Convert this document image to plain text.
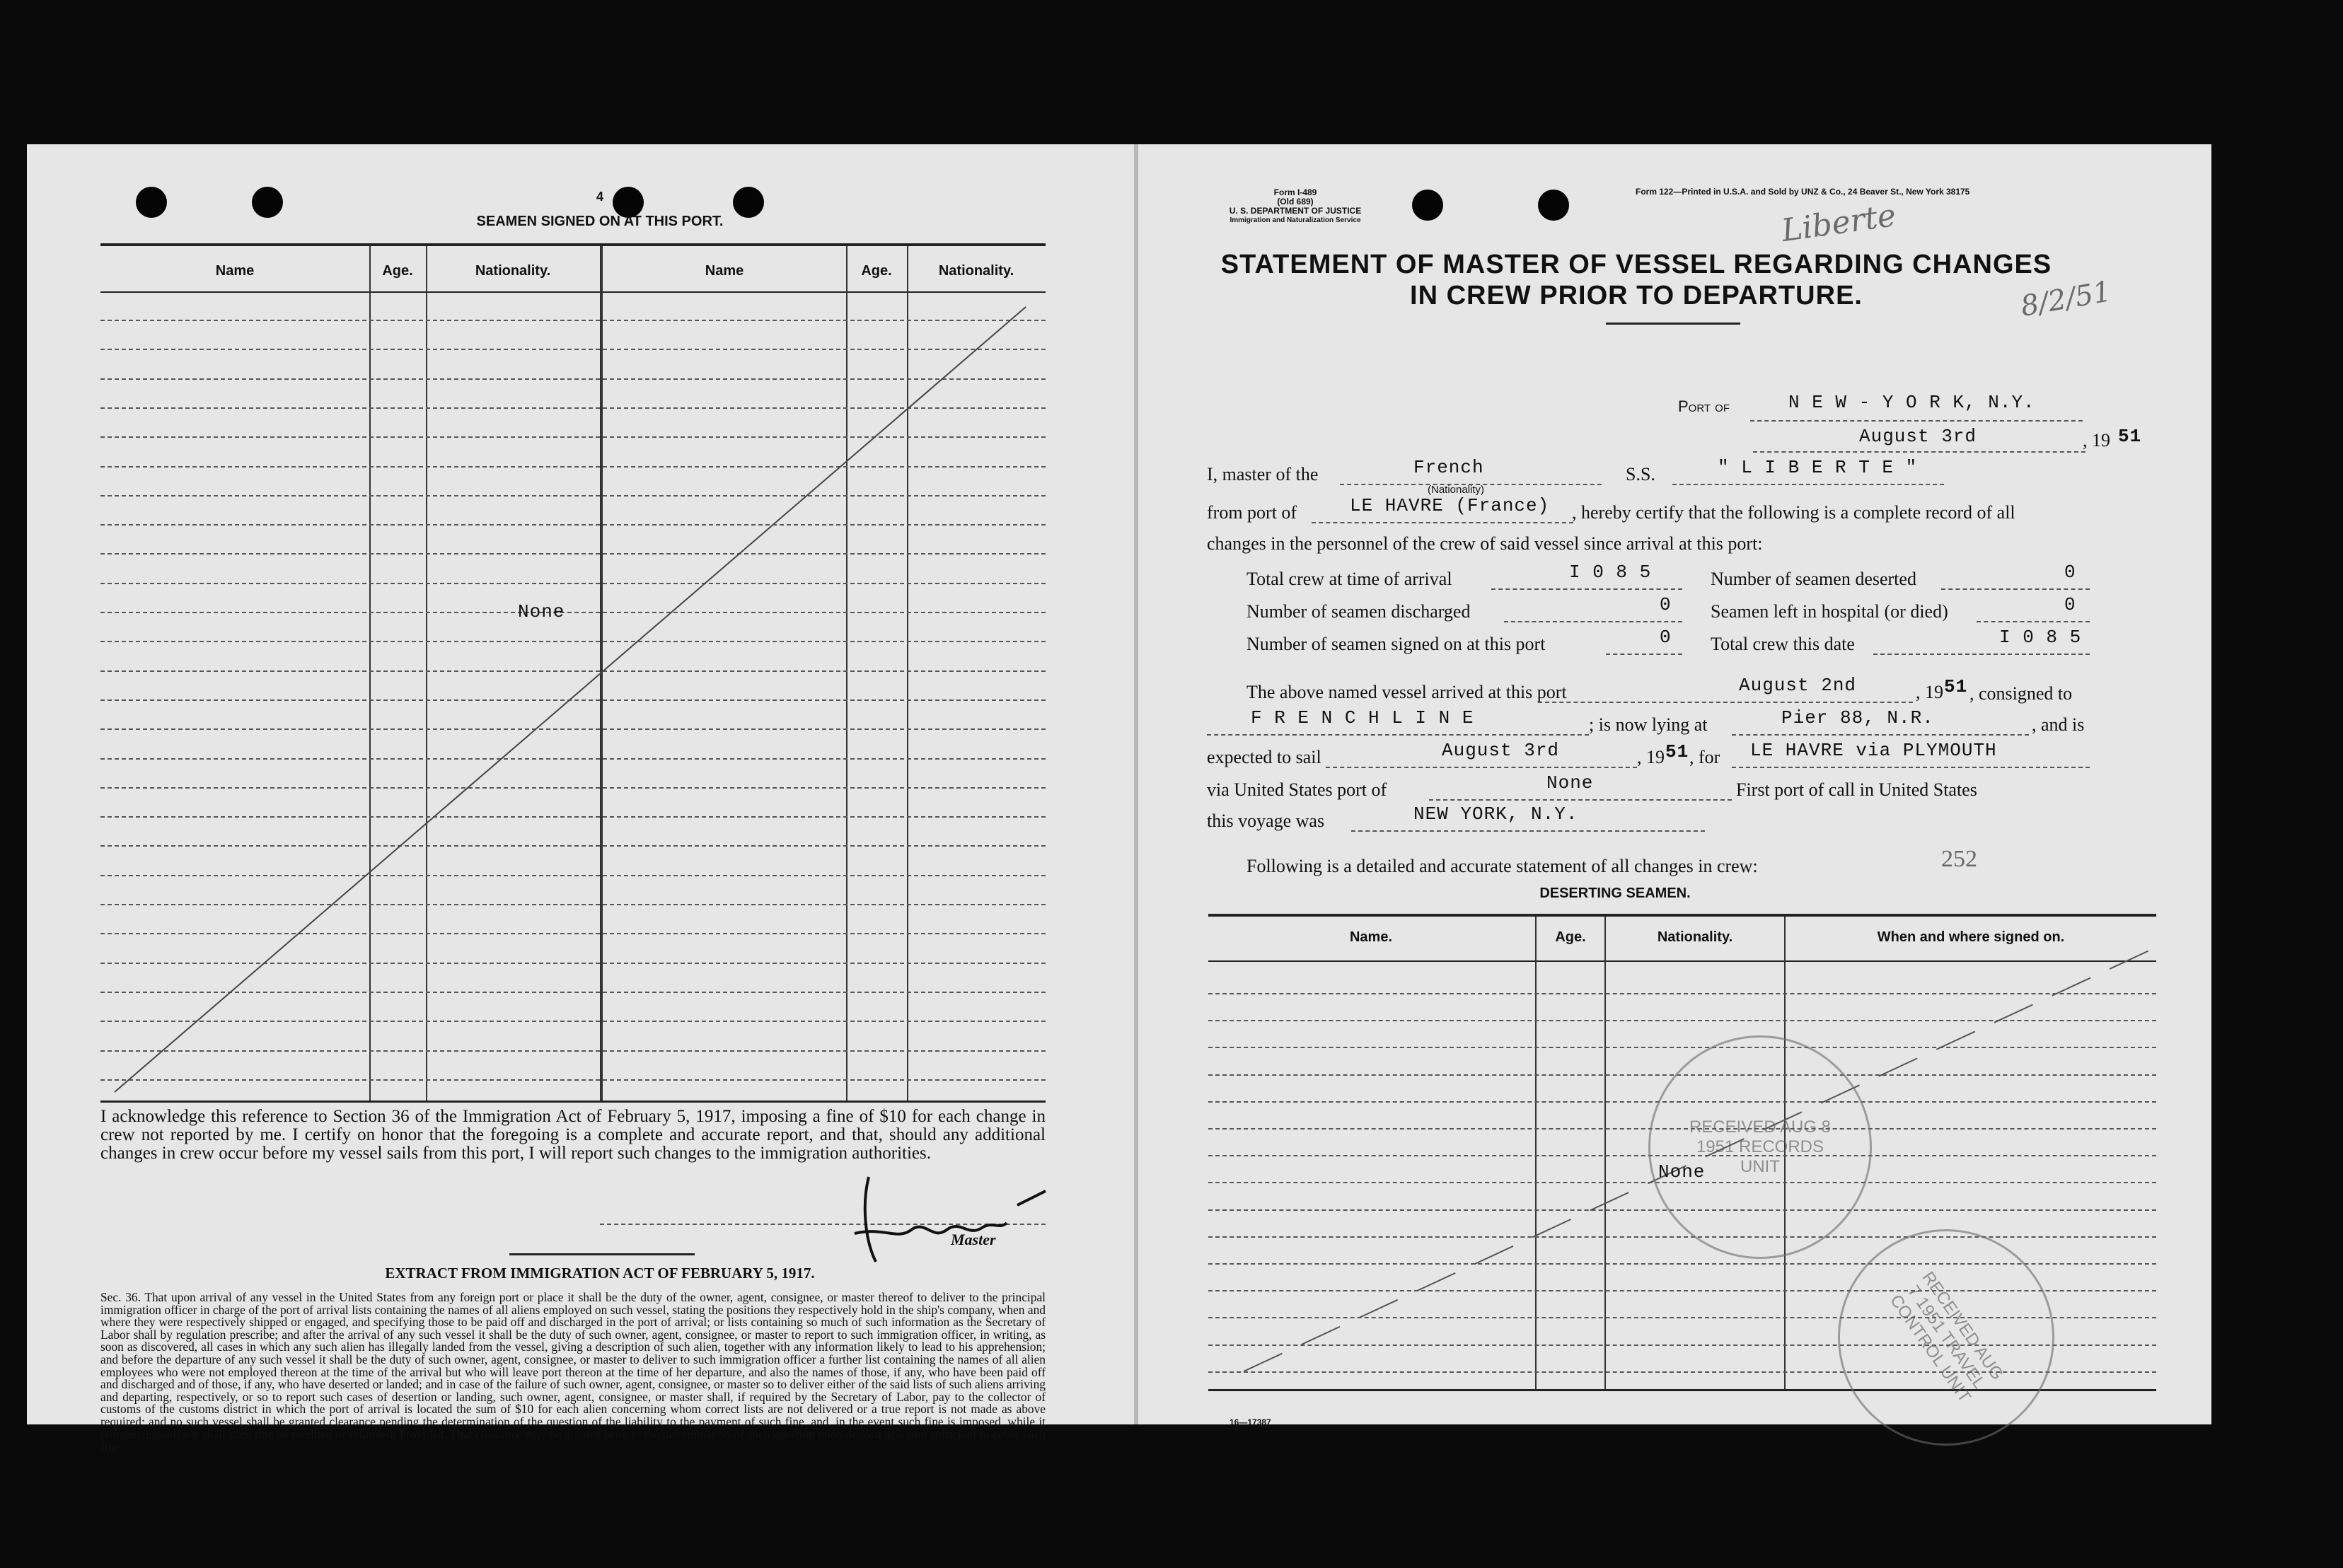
4
SEAMEN SIGNED ON AT THIS PORT.
Name	Age.	Nationality.	Name	Age.	Nationality.
None
I acknowledge this reference to Section 36 of the Immigration Act of February 5, 1917, imposing a fine of $10 for each change in crew not reported by me. I certify on honor that the foregoing is a complete and accurate report, and that, should any additional changes in crew occur before my vessel sails from this port, I will report such changes to the immigration authorities.
Master
EXTRACT FROM IMMIGRATION ACT OF FEBRUARY 5, 1917.
Sec. 36. That upon arrival of any vessel in the United States from any foreign port or place it shall be the duty of the owner, agent, consignee, or master thereof to deliver to the principal immigration officer in charge of the port of arrival lists containing the names of all aliens employed on such vessel, stating the positions they respectively hold in the ship's company, when and where they were respectively shipped or engaged, and specifying those to be paid off and discharged in the port of arrival; or lists containing so much of such information as the Secretary of Labor shall by regulation prescribe; and after the arrival of any such vessel it shall be the duty of such owner, agent, consignee, or master to report to such immigration officer, in writing, as soon as discovered, all cases in which any such alien has illegally landed from the vessel, giving a description of such alien, together with any information likely to lead to his apprehension; and before the departure of any such vessel it shall be the duty of such owner, agent, consignee, or master to deliver to such immigration officer a further list containing the names of all alien employees who were not employed thereon at the time of the arrival but who will leave port thereon at the time of her departure, and also the names of those, if any, who have been paid off and discharged and of those, if any, who have deserted or landed; and in case of the failure of such owner, agent, consignee, or master so to deliver either of the said lists of such aliens arriving and departing, respectively, or so to report such cases of desertion or landing, such owner, agent, consignee, or master shall, if required by the Secretary of Labor, pay to the collector of customs of the customs district in which the port of arrival is located the sum of $10 for each alien concerning whom correct lists are not delivered or a true report is not made as above required; and no such vessel shall be granted clearance pending the determination of the question of the liability to the payment of such fine, and, in the event such fine is imposed, while it remains unpaid; nor shall such fine be remitted or refunded; Provided, That clearance may be granted prior to the determination of such question upon deposit of a sum sufficient to cover such fine.
Form I-489
(Old 689)
U. S. DEPARTMENT OF JUSTICE
Immigration and Naturalization Service
Form 122—Printed in U.S.A. and Sold by UNZ & Co., 24 Beaver St., New York 38175
Liberte
8/2/51
STATEMENT OF MASTER OF VESSEL REGARDING CHANGES
IN CREW PRIOR TO DEPARTURE.
Port of	N E W - Y O R K, N.Y.
August 3rd	, 19 51
I, master of the	French
(Nationality)
S.S.	" L I B E R T E "
from port of	LE HAVRE (France) , hereby certify that the following is a complete record of all
changes in the personnel of the crew of said vessel since arrival at this port:
Total crew at time of arrival	I 0 8 5	Number of seamen deserted	0
Number of seamen discharged	0 Seamen left in hospital (or died)	0
Number of seamen signed on at this port	0 Total crew this date	I 0 8 5
The above named vessel arrived at this port	August 2nd	, 19 51 , consigned to
F R E N C H L I N E	; is now lying at	Pier 88, N.R.	, and is
expected to sail	August 3rd	, 19 51 , for LE HAVRE via PLYMOUTH
via United States port of	None	First port of call in United States
this voyage was	NEW YORK, N.Y.
Following is a detailed and accurate statement of all changes in crew:	252
DESERTING SEAMEN.
Name.	Age.	Nationality.	When and where signed on.
None
RECEIVED AUG 8 1951 RECORDS UNIT
RECEIVED AUG 7 1951 TRAVEL CONTROL UNIT
16—17387
